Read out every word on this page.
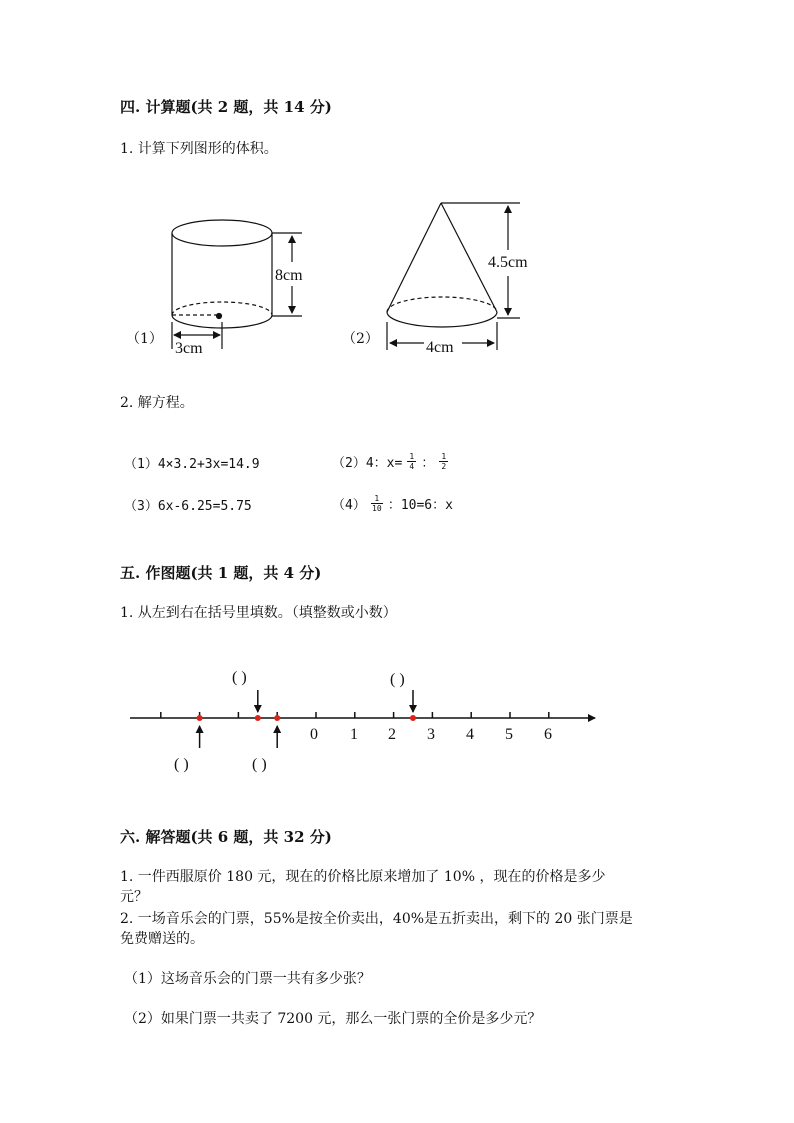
四. 计算题(共 2 题，共 14 分)
1. 计算下列图形的体积。
（1）
8cm
3cm
（2）
4.5cm
4cm
2. 解方程。
（1）4×3.2+3x=14.9	（2）4：$x= \frac{1}{4}$ ： $\frac{1}{2}$
（3）6x-6.25=5.75	$(4) \frac{1}{10}$ ：10=6：x
五. 作图题(共 1 题，共 4 分)
1. 从左到右在括号里填数。（填整数或小数）
( )	( )
( )	( )
0 1 2 3 4 5 6
六. 解答题(共 6 题，共 32 分)
1. 一件西服原价 180 元，现在的价格比原来增加了 10% ，现在的价格是多少
元？
2. 一场音乐会的门票，55%是按全价卖出，40%是五折卖出，剩下的 20 张门票是
免费赠送的。
（1）这场音乐会的门票一共有多少张？
（2）如果门票一共卖了 7200 元，那么一张门票的全价是多少元？
